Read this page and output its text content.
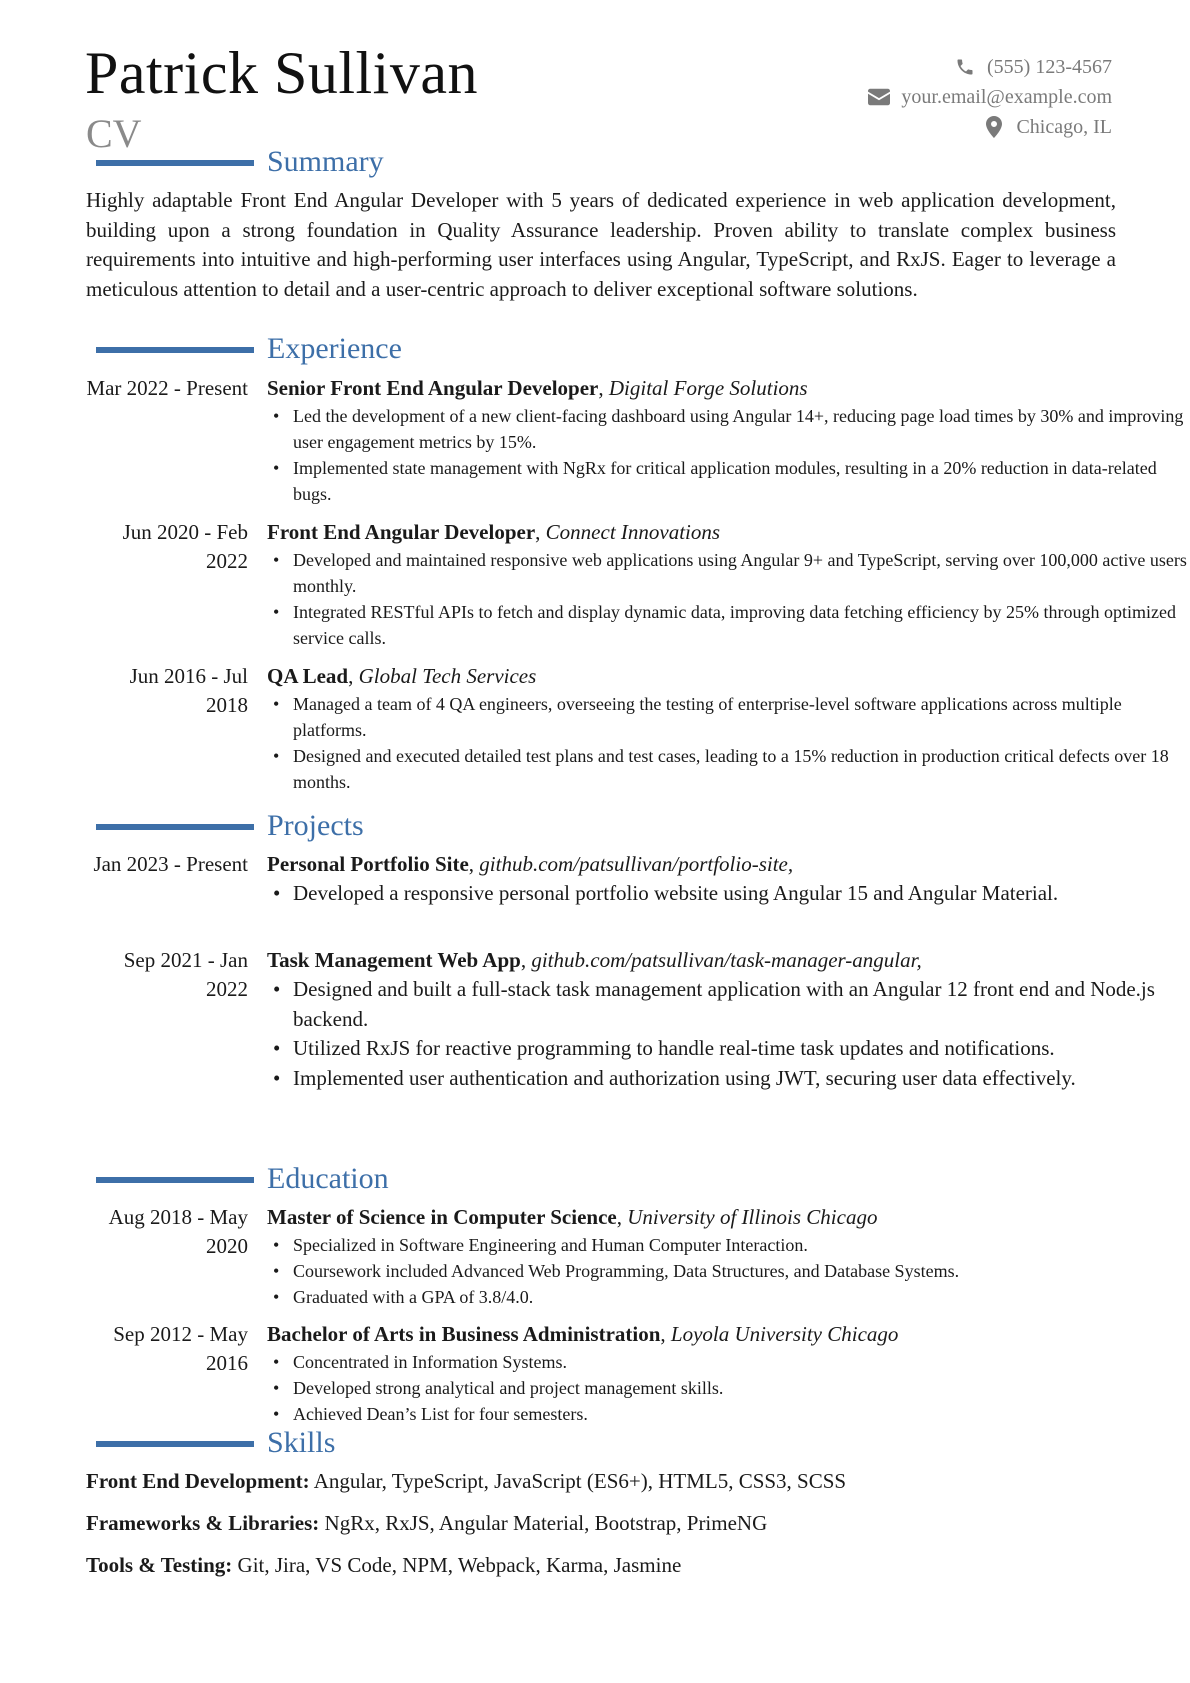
Patrick Sullivan
CV
(555) 123-4567
your.email@example.com
Chicago, IL
Summary
Highly adaptable Front End Angular Developer with 5 years of dedicated experience in web application development, building upon a strong foundation in Quality Assurance leadership. Proven ability to translate complex business requirements into intuitive and high-performing user interfaces using Angular, TypeScript, and RxJS. Eager to leverage a meticulous attention to detail and a user-centric approach to deliver exceptional software solutions.
Experience
Mar 2022 - Present Senior Front End Angular Developer, Digital Forge Solutions
• Led the development of a new client-facing dashboard using Angular 14+, reducing page load times by 30% and improving user engagement metrics by 15%.
• Implemented state management with NgRx for critical application modules, resulting in a 20% reduction in data-related bugs.
Jun 2020 - Feb 2022
Front End Angular Developer, Connect Innovations
• Developed and maintained responsive web applications using Angular 9+ and TypeScript, serving over 100,000 active users monthly.
• Integrated RESTful APIs to fetch and display dynamic data, improving data fetching efficiency by 25% through optimized service calls.
Jun 2016 - Jul 2018
QA Lead, Global Tech Services
• Managed a team of 4 QA engineers, overseeing the testing of enterprise-level software applications across multiple platforms.
• Designed and executed detailed test plans and test cases, leading to a 15% reduction in production critical defects over 18 months.
Projects
Jan 2023 - Present Personal Portfolio Site, github.com/patsullivan/portfolio-site,
• Developed a responsive personal portfolio website using Angular 15 and Angular Material.
Sep 2021 - Jan 2022
Task Management Web App, github.com/patsullivan/task-manager-angular,
• Designed and built a full-stack task management application with an Angular 12 front end and Node.js backend.
• Utilized RxJS for reactive programming to handle real-time task updates and notifications.
• Implemented user authentication and authorization using JWT, securing user data effectively.
Education
Aug 2018 - May 2020
Master of Science in Computer Science, University of Illinois Chicago
• Specialized in Software Engineering and Human Computer Interaction.
• Coursework included Advanced Web Programming, Data Structures, and Database Systems.
• Graduated with a GPA of 3.8/4.0.
Sep 2012 - May 2016
Bachelor of Arts in Business Administration, Loyola University Chicago
• Concentrated in Information Systems.
• Developed strong analytical and project management skills.
• Achieved Dean’s List for four semesters.
Skills
Front End Development: Angular, TypeScript, JavaScript (ES6+), HTML5, CSS3, SCSS
Frameworks & Libraries: NgRx, RxJS, Angular Material, Bootstrap, PrimeNG
Tools & Testing: Git, Jira, VS Code, NPM, Webpack, Karma, Jasmine
